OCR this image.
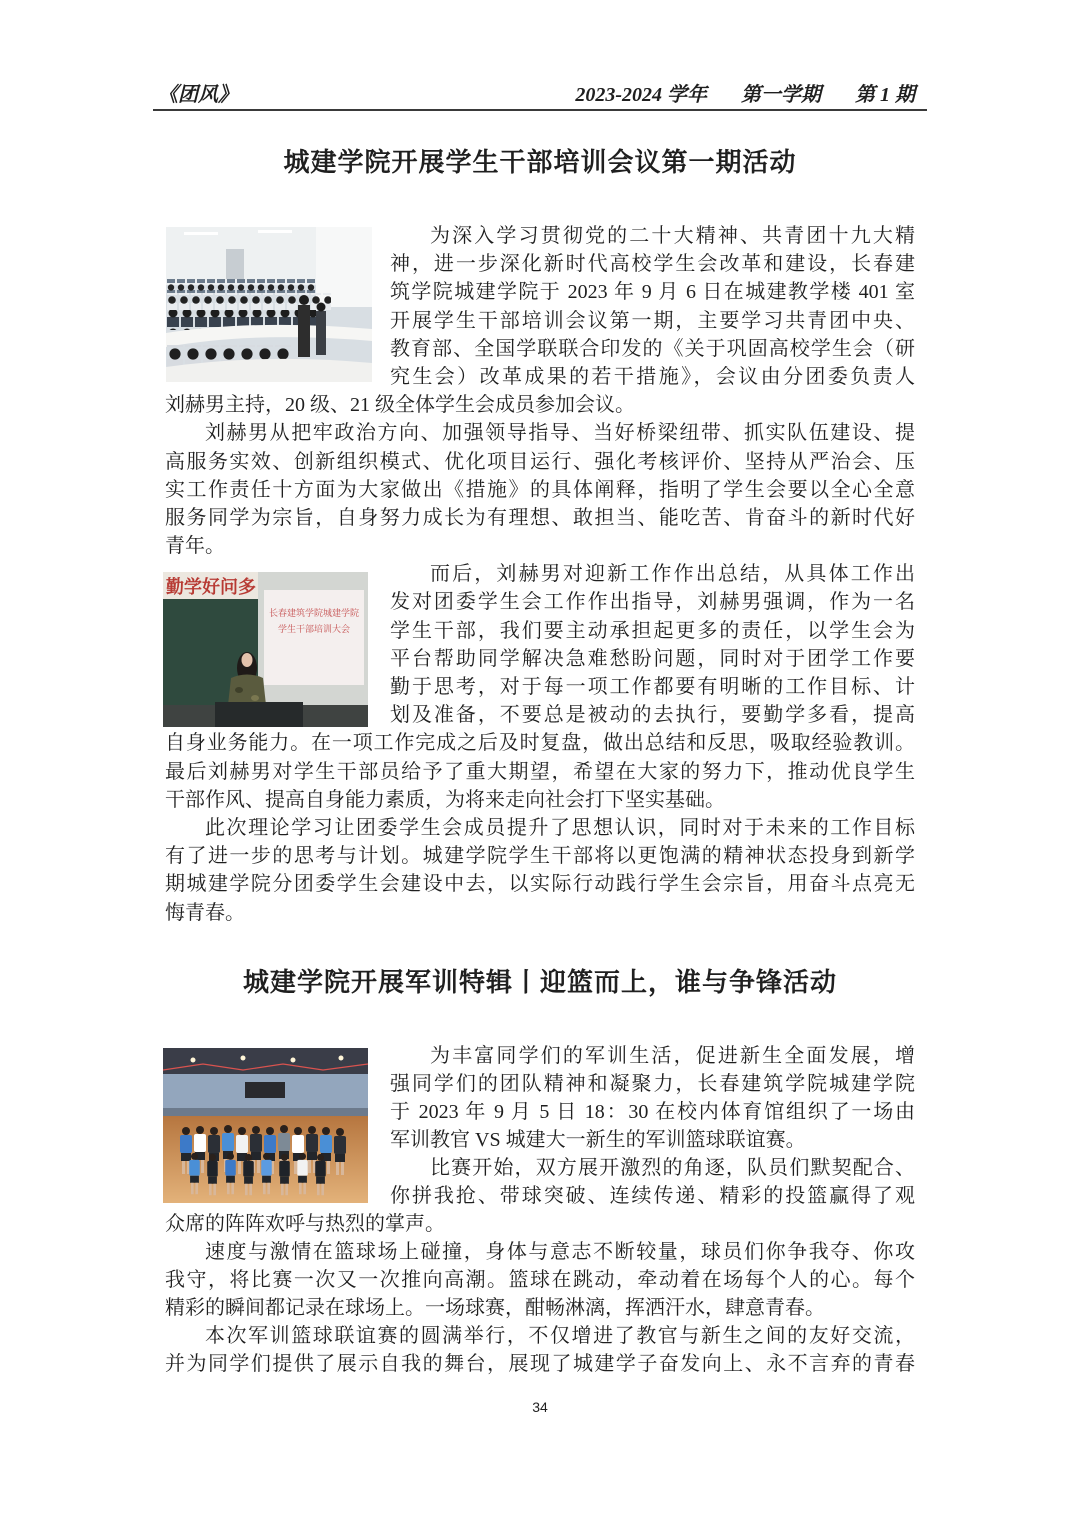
《团风》	2023-2024 学年 第一学期 第 1 期
城建学院开展学生干部培训会议第一期活动
勤学好问多
长春建筑学院城建学院
学生干部培训大会
为深入学习贯彻党的二十大精神、共青团十九大精
神，进一步深化新时代高校学生会改革和建设，长春建
筑学院城建学院于 2023 年 9 月 6 日在城建教学楼 401 室
开展学生干部培训会议第一期，主要学习共青团中央、
教育部、全国学联联合印发的《关于巩固高校学生会（研
究生会）改革成果的若干措施》，会议由分团委负责人
刘赫男主持，20 级、21 级全体学生会成员参加会议。
刘赫男从把牢政治方向、加强领导指导、当好桥梁纽带、抓实队伍建设、提
高服务实效、创新组织模式、优化项目运行、强化考核评价、坚持从严治会、压
实工作责任十方面为大家做出《措施》的具体阐释，指明了学生会要以全心全意
服务同学为宗旨，自身努力成长为有理想、敢担当、能吃苦、肯奋斗的新时代好
青年。
而后，刘赫男对迎新工作作出总结，从具体工作出
发对团委学生会工作作出指导，刘赫男强调，作为一名
学生干部，我们要主动承担起更多的责任，以学生会为
平台帮助同学解决急难愁盼问题，同时对于团学工作要
勤于思考，对于每一项工作都要有明晰的工作目标、计
划及准备，不要总是被动的去执行，要勤学多看，提高
自身业务能力。在一项工作完成之后及时复盘，做出总结和反思，吸取经验教训。
最后刘赫男对学生干部员给予了重大期望，希望在大家的努力下，推动优良学生
干部作风、提高自身能力素质，为将来走向社会打下坚实基础。
此次理论学习让团委学生会成员提升了思想认识，同时对于未来的工作目标
有了进一步的思考与计划。城建学院学生干部将以更饱满的精神状态投身到新学
期城建学院分团委学生会建设中去，以实际行动践行学生会宗旨，用奋斗点亮无
悔青春。
城建学院开展军训特辑丨迎篮而上，谁与争锋活动
为丰富同学们的军训生活，促进新生全面发展，增
强同学们的团队精神和凝聚力，长春建筑学院城建学院
于 2023 年 9 月 5 日 18：30 在校内体育馆组织了一场由
军训教官 VS 城建大一新生的军训篮球联谊赛。
比赛开始，双方展开激烈的角逐，队员们默契配合、
你拼我抢、带球突破、连续传递、精彩的投篮赢得了观
众席的阵阵欢呼与热烈的掌声。
速度与激情在篮球场上碰撞，身体与意志不断较量，球员们你争我夺、你攻
我守，将比赛一次又一次推向高潮。篮球在跳动，牵动着在场每个人的心。每个
精彩的瞬间都记录在球场上。一场球赛，酣畅淋漓，挥洒汗水，肆意青春。
本次军训篮球联谊赛的圆满举行，不仅增进了教官与新生之间的友好交流，
并为同学们提供了展示自我的舞台，展现了城建学子奋发向上、永不言弃的青春
34
